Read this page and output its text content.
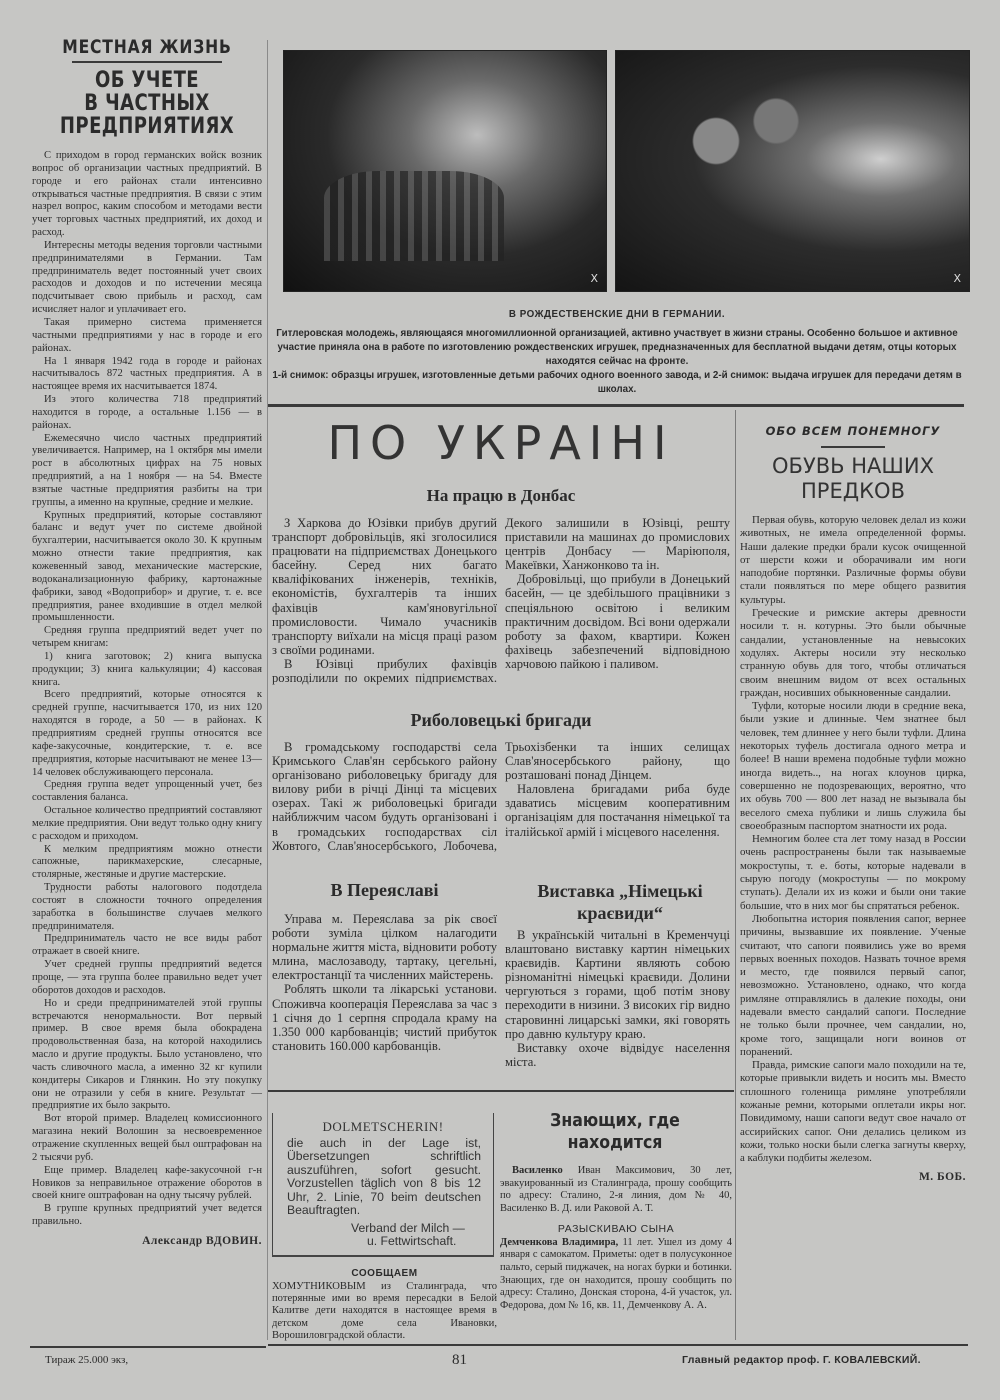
МЕСТНАЯ ЖИЗНЬ
ОБ УЧЕТЕ
В ЧАСТНЫХ
ПРЕДПРИЯТИЯХ

С приходом в город германских войск возник вопрос об организации частных предприятий. В городе и его районах стали интенсивно открываться частные предприятия. В связи с этим назрел вопрос, каким способом и методами вести учет торговых частных предприятий, их доход и расход.

Интересны методы ведения торговли частными предпринимателями в Германии. Там предприниматель ведет постоянный учет своих расходов и доходов и по истечении месяца подсчитывает свою прибыль и расход, сам исчисляет налог и уплачивает его.

Такая примерно система применяется частными предприятиями у нас в городе и его районах.

На 1 января 1942 года в городе и районах насчитывалось 872 частных предприятия. А в настоящее время их насчитывается 1874.

Из этого количества 718 предприятий находится в городе, а остальные 1.156 — в районах.

Ежемесячно число частных предприятий увеличивается. Например, на 1 октября мы имели рост в абсолютных цифрах на 75 новых предприятий, а на 1 ноября — на 54. Вместе взятые частные предприятия разбиты на три группы, а именно на крупные, средние и мелкие.

Крупных предприятий, которые составляют баланс и ведут учет по системе двойной бухгалтерии, насчитывается около 30. К крупным можно отнести такие предприятия, как кожевенный завод, механические мастерские, водоканализационную фабрику, картонажные фабрики, завод «Водоприбор» и другие, т. е. все предприятия, ранее входившие в отдел мелкой промышленности.

Средняя группа предприятий ведет учет по четырем книгам:

1) книга заготовок; 2) книга выпуска продукции; 3) книга калькуляции; 4) кассовая книга.

Всего предприятий, которые относятся к средней группе, насчитывается 170, из них 120 находятся в городе, а 50 — в районах. К предприятиям средней группы относятся все кафе-закусочные, кондитерские, т. е. все предприятия, которые насчитывают не менее 13—14 человек обслуживающего персонала.

Средняя группа ведет упрощенный учет, без составления баланса.

Остальное количество предприятий составляют мелкие предприятия. Они ведут только одну книгу с расходом и приходом.

К мелким предприятиям можно отнести сапожные, парикмахерские, слесарные, столярные, жестяные и другие мастерские.

Трудности работы налогового подотдела состоят в сложности точного определения заработка в большинстве случаев мелкого предпринимателя.

Предприниматель часто не все виды работ отражает в своей книге.

Учет средней группы предприятий ведется проще, — эта группа более правильно ведет учет оборотов доходов и расходов.

Но и среди предпринимателей этой группы встречаются ненормальности. Вот первый пример. В свое время была обокрадена продовольственная база, на которой находились масло и другие продукты. Было установлено, что часть сливочного масла, а именно 32 кг купили кондитеры Сикаров и Глянкин. Но эту покупку они не отразили у себя в книге. Результат — предприятие их было закрыто.

Вот второй пример. Владелец комиссионного магазина некий Волошин за несвоевременное отражение скупленных вещей был оштрафован на 2 тысячи руб.

Еще пример. Владелец кафе-закусочной г-н Новиков за неправильное отражение оборотов в своей книге оштрафован на одну тысячу рублей.

В группе крупных предприятий учет ведется правильно.

Александр ВДОВИН.
Тираж 25.000 экз,
X	X
В РОЖДЕСТВЕНСКИЕ ДНИ В ГЕРМАНИИ.
Гитлеровская молодежь, являющаяся многомиллионной организацией, активно участвует в жизни страны. Особенно большое и активное участие приняла она в работе по изготовлению рождественских игрушек, предназначенных для бесплатной выдачи детям, отцы которых находятся сейчас на фронте.
1-й снимок: образцы игрушек, изготовленные детьми рабочих одного военного завода, и 2-й снимок: выдача игрушек для передачи детям в школах.
ПО УКРАІНІ
На працю в Донбас

З Харкова до Юзівки прибув другий транспорт добровільців, які зголосилися працювати на підприємствах Донецького басейну. Серед них багато кваліфікованих інженерів, техніків, економістів, бухгалтерів та інших фахівців кам'яновугільної промисловости. Чимало учасників транспорту виїхали на місця праці разом з своїми родинами.

В Юзівці прибулих фахівців розподілили по окремих підприємствах. Декого залишили в Юзівці, решту приставили на машинах до промислових центрів Донбасу — Маріюполя, Макеївки, Ханжонково та ін.

Добровільці, що прибули в Донецький басейн, — це здебільшого працівники з спеціяльною освітою і великим практичним досвідом. Всі вони одержали роботу за фахом, квартири. Кожен фахівець забезпечений відповідною харчовою пайкою і паливом.

Риболовецькі бригади

В громадському господарстві села Кримського Слав'ян сербського району організовано риболовецьку бригаду для вилову риби в річці Дінці та місцевих озерах. Такі ж риболовецькі бригади найближчим часом будуть організовані і в громадських господарствах сіл Жовтого, Слав'яносербського, Лобочева, Трьохізбенки та інших селищах Слав'яносербського району, що розташовані понад Дінцем.

Наловлена бригадами риба буде здаватись місцевим кооперативним організаціям для постачання німецької та італійської армій і місцевого населення.

В Переяславі

Управа м. Переяслава за рік своєї роботи зуміла цілком налагодити нормальне життя міста, відновити роботу млина, маслозаводу, тартаку, цегельні, електростанції та численних майстерень.

Роблять школи та лікарські установи. Споживча кооперація Переяслава за час з 1 січня до 1 серпня спродала краму на 1.350 000 карбованців; чистий прибуток становить 160.000 карбованців.

Виставка „Німецькі краєвиди“

В українській читальні в Кременчуці влаштовано виставку картин німецьких краєвидів. Картини являють собою різноманітні німецькі краєвиди. Долини чергуються з горами, щоб потім знову переходити в низини. З високих гір видно старовинні лицарські замки, які говорять про давню культуру краю.

Виставку охоче відвідує населення міста.

DOLMETSCHERIN!
die auch in der Lage ist, Übersetzungen schriftlich auszuführen, sofort gesucht. Vorzustellen täglich von 8 bis 12 Uhr, 2. Linie, 70 beim deutschen Beauftragten.
Verband der Milch —
u. Fettwirtschaft.
СООБЩАЕМ
ХОМУТНИКОВЫМ из Сталинграда, что потерянные ими во время пересадки в Белой Калитве дети находятся в настоящее время в детском доме села Ивановки, Ворошиловградской области.
Знающих, где находится

Василенко Иван Максимович, 30 лет, эвакуированный из Сталинграда, прошу сообщить по адресу: Сталино, 2-я линия, дом № 40, Василенко В. Д. или Раковой А. Т.

РАЗЫСКИВАЮ СЫНА

Демченкова Владимира, 11 лет. Ушел из дому 4 января с самокатом. Приметы: одет в полусуконное пальто, серый пиджачек, на ногах бурки и ботинки. Знающих, где он находится, прошу сообщить по адресу: Сталино, Донская сторона, 4-й участок, ул. Федорова, дом № 16, кв. 11, Демченкову А. А.

81
ОБО ВСЕМ ПОНЕМНОГУ
ОБУВЬ НАШИХ
ПРЕДКОВ

Первая обувь, которую человек делал из кожи животных, не имела определенной формы. Наши далекие предки брали кусок очищенной от шерсти кожи и оборачивали им ноги наподобие портянки. Различные формы обуви стали появляться по мере общего развития культуры.

Греческие и римские актеры древности носили т. н. котурны. Это были обычные сандалии, установленные на невысоких ходулях. Актеры носили эту несколько странную обувь для того, чтобы отличаться своим внешним видом от всех остальных граждан, носивших обыкновенные сандалии.

Туфли, которые носили люди в средние века, были узкие и длинные. Чем знатнее был человек, тем длиннее у него были туфли. Длина некоторых туфель достигала одного метра и более! В наши времена подобные туфли можно иногда видеть.., на ногах клоунов цирка, совершенно не подозревающих, вероятно, что их обувь 700 — 800 лет назад не вызывала бы веселого смеха публики и лишь служила бы своеобразным паспортом знатности их рода.

Немногим более ста лет тому назад в России очень распространены были так называемые мокроступы, т. е. боты, которые надевали в сырую погоду (мокроступы — по мокрому ступать). Делали их из кожи и были они такие большие, что в них мог бы спрятаться ребенок.

Любопытна история появления сапог, вернее причины, вызвавшие их появление. Ученые считают, что сапоги появились уже во время первых военных походов. Назвать точное время и место, где появился первый сапог, невозможно. Установлено, однако, что когда римляне отправлялись в далекие походы, они надевали вместо сандалий сапоги. Последние не только были прочнее, чем сандалии, но, кроме того, защищали ноги воинов от поранений.

Правда, римские сапоги мало походили на те, которые привыкли видеть и носить мы. Вместо сплошного голенища римляне употребляли кожаные ремни, которыми оплетали икры ног. Повидимому, наши сапоги ведут свое начало от ассирийских сапог. Они делались целиком из кожи, только носки были слегка загнуты кверху, а каблуки подбиты железом.

М. БОБ.
Главный редактор проф. Г. КОВАЛЕВСКИЙ.
